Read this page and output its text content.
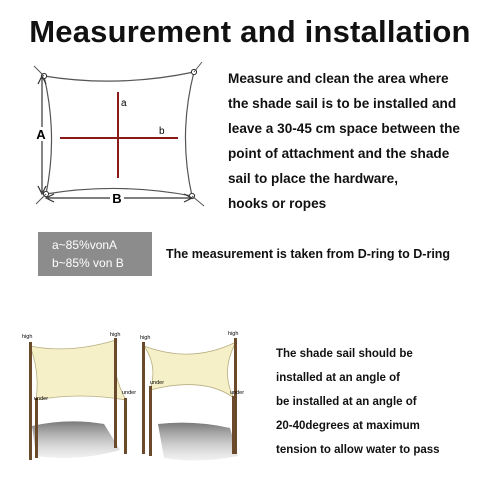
Measurement and installation
A
B
a
b
Measure and clean the area where
the shade sail is to be installed and
leave a 30-45 cm space between the
point of attachment and the shade
sail to place the hardware,
hooks or ropes
a~85%vonA
b~85% von B
The measurement is taken from D-ring to D-ring
high	high	high
high
under
under
under
under
The shade sail should be
installed at an angle of
be installed at an angle of
20-40degrees at maximum
tension to allow water to pass
